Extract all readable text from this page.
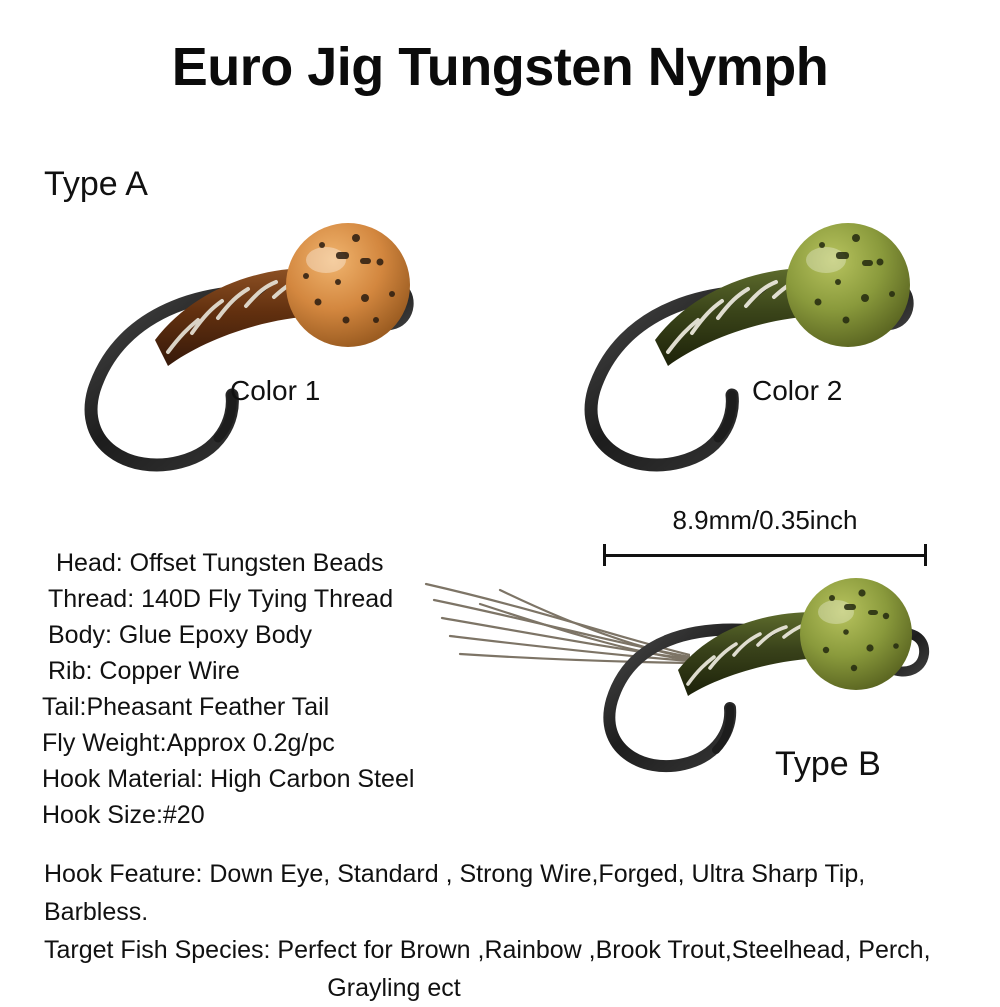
Euro Jig Tungsten Nymph
Type A
Color 1	Color 2
8.9mm/0.35inch
Type B
Head: Offset Tungsten Beads
Thread: 140D Fly Tying Thread
Body: Glue Epoxy Body
Rib: Copper Wire
Tail:Pheasant Feather Tail
Fly Weight:Approx 0.2g/pc
Hook Material: High Carbon Steel
Hook Size:#20
Hook Feature: Down Eye, Standard , Strong Wire,Forged, Ultra Sharp Tip, Barbless.
Target Fish Species: Perfect for Brown ,Rainbow ,Brook Trout,Steelhead, Perch,
Grayling ect
